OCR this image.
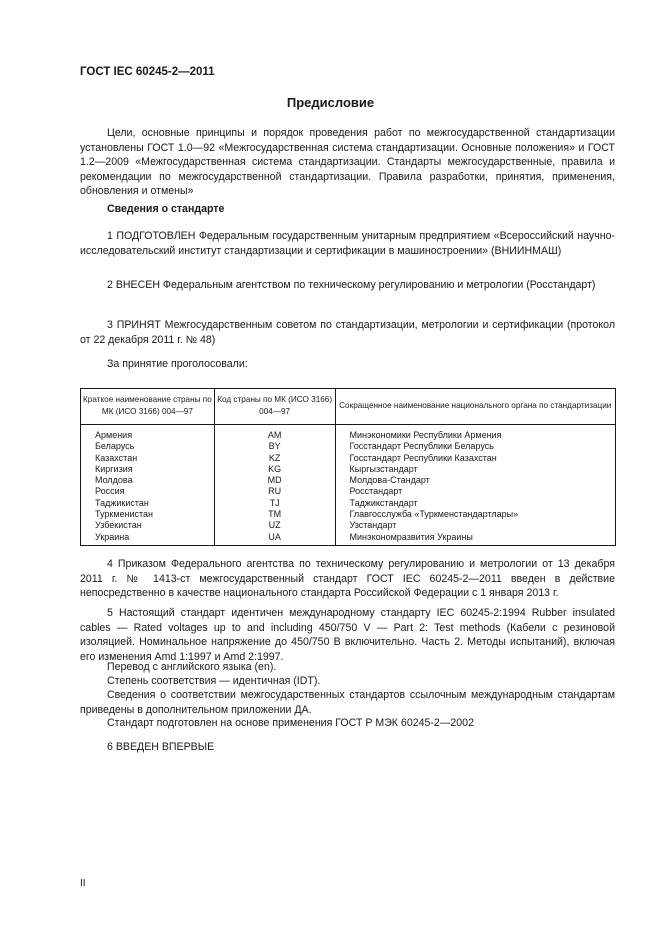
ГОСТ IEC 60245-2—2011
Предисловие

Цели, основные принципы и порядок проведения работ по межгосударственной стандартизации установлены ГОСТ 1.0—92 «Межгосударственная система стандартизации. Основные положения» и ГОСТ 1.2—2009 «Межгосударственная система стандартизации. Стандарты межгосударственные, правила и рекомендации по межгосударственной стандартизации. Правила разработки, принятия, применения, обновления и отмены»

Сведения о стандарте

1 ПОДГОТОВЛЕН Федеральным государственным унитарным предприятием «Всероссийский научно-исследовательский институт стандартизации и сертификации в машиностроении» (ВНИИНМАШ)

2 ВНЕСЕН Федеральным агентством по техническому регулированию и метрологии (Росстандарт)

3 ПРИНЯТ Межгосударственным советом по стандартизации, метрологии и сертификации (протокол от 22 декабря 2011 г. № 48)

За принятие проголосовали:

Краткое наименование страны по МК (ИСО 3166) 004—97	Код страны по МК (ИСО 3166) 004—97	Сокращенное наименование национального органа по стандартизации
Армения	AM	Минэкономики Республики Армения
Беларусь	BY	Госстандарт Республики Беларусь
Казахстан	KZ	Госстандарт Республики Казахстан
Киргизия	KG	Кыргызстандарт
Молдова	MD	Молдова-Стандарт
Россия	RU	Росстандарт
Таджикистан	TJ	Таджикстандарт
Туркменистан	TM	Главгосслужба «Туркменстандартлары»
Узбекистан	UZ	Узстандарт
Украина	UA	Минэкономразвития Украины

4 Приказом Федерального агентства по техническому регулированию и метрологии от 13 декабря 2011 г. № 1413-ст межгосударственный стандарт ГОСТ IEC 60245-2—2011 введен в действие непосредственно в качестве национального стандарта Российской Федерации с 1 января 2013 г.

5 Настоящий стандарт идентичен международному стандарту IEC 60245-2:1994 Rubber insulated cables — Rated voltages up to and including 450/750 V — Part 2: Test methods (Кабели с резиновой изоляцией. Номинальное напряжение до 450/750 В включительно. Часть 2. Методы испытаний), включая его изменения Amd 1:1997 и Amd 2:1997.

Перевод с английского языка (en).

Степень соответствия — идентичная (IDT).

Сведения о соответствии межгосударственных стандартов ссылочным международным стандартам приведены в дополнительном приложении ДА.

Стандарт подготовлен на основе применения ГОСТ Р МЭК 60245-2—2002

6 ВВЕДЕН ВПЕРВЫЕ

II
